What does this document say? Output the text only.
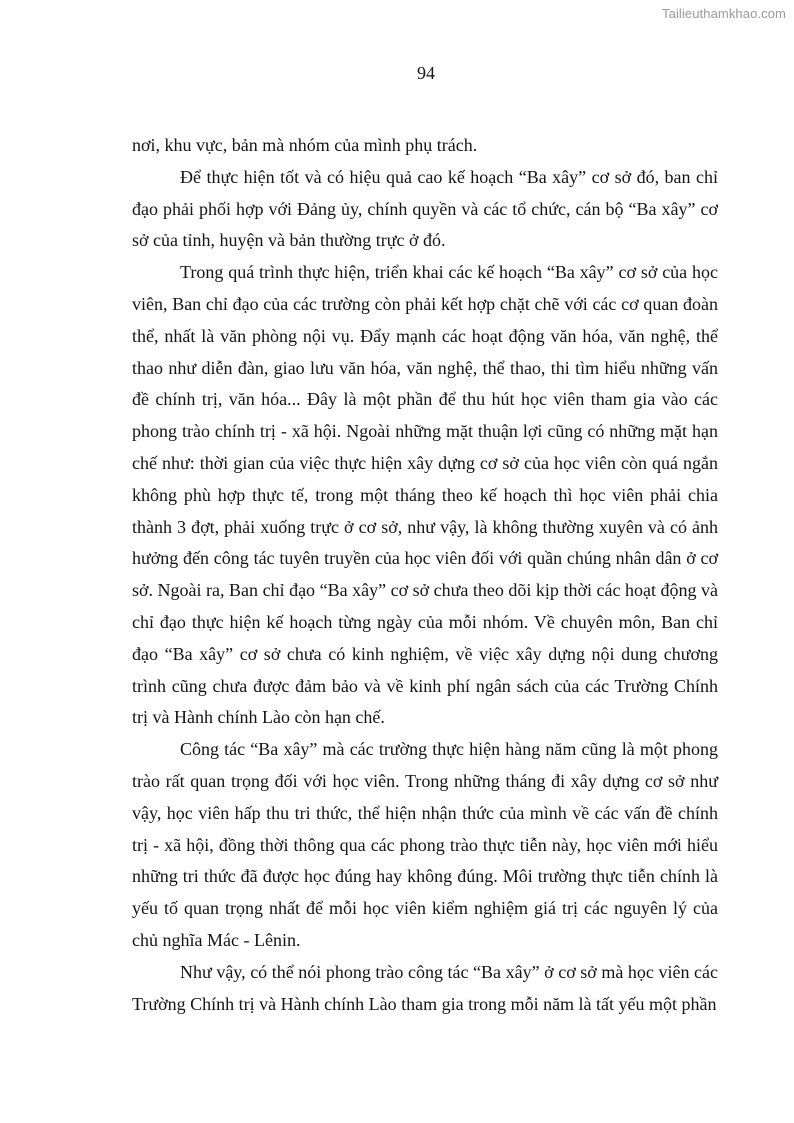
Tailieuthamkhao.com
94

nơi, khu vực, bản mà nhóm của mình phụ trách.

Để thực hiện tốt và có hiệu quả cao kế hoạch “Ba xây” cơ sở đó, ban chỉ đạo phải phối hợp với Đảng ủy, chính quyền và các tổ chức, cán bộ “Ba xây” cơ sở của tỉnh, huyện và bản thường trực ở đó.

Trong quá trình thực hiện, triển khai các kế hoạch “Ba xây” cơ sở của học viên, Ban chỉ đạo của các trường còn phải kết hợp chặt chẽ với các cơ quan đoàn thể, nhất là văn phòng nội vụ. Đẩy mạnh các hoạt động văn hóa, văn nghệ, thể thao như diễn đàn, giao lưu văn hóa, văn nghệ, thể thao, thi tìm hiểu những vấn đề chính trị, văn hóa... Đây là một phần để thu hút học viên tham gia vào các phong trào chính trị - xã hội. Ngoài những mặt thuận lợi cũng có những mặt hạn chế như: thời gian của việc thực hiện xây dựng cơ sở của học viên còn quá ngắn không phù hợp thực tế, trong một tháng theo kế hoạch thì học viên phải chia thành 3 đợt, phải xuống trực ở cơ sở, như vậy, là không thường xuyên và có ảnh hưởng đến công tác tuyên truyền của học viên đối với quần chúng nhân dân ở cơ sở. Ngoài ra, Ban chỉ đạo “Ba xây” cơ sở chưa theo dõi kịp thời các hoạt động và chỉ đạo thực hiện kế hoạch từng ngày của mỗi nhóm. Về chuyên môn, Ban chỉ đạo “Ba xây” cơ sở chưa có kinh nghiệm, về việc xây dựng nội dung chương trình cũng chưa được đảm bảo và về kinh phí ngân sách của các Trường Chính trị và Hành chính Lào còn hạn chế.

Công tác “Ba xây” mà các trường thực hiện hàng năm cũng là một phong trào rất quan trọng đối với học viên. Trong những tháng đi xây dựng cơ sở như vậy, học viên hấp thu tri thức, thể hiện nhận thức của mình về các vấn đề chính trị - xã hội, đồng thời thông qua các phong trào thực tiễn này, học viên mới hiểu những tri thức đã được học đúng hay không đúng. Môi trường thực tiễn chính là yếu tố quan trọng nhất để mỗi học viên kiểm nghiệm giá trị các nguyên lý của chủ nghĩa Mác - Lênin.

Như vậy, có thể nói phong trào công tác “Ba xây” ở cơ sở mà học viên các Trường Chính trị và Hành chính Lào tham gia trong mỗi năm là tất yếu một phần
